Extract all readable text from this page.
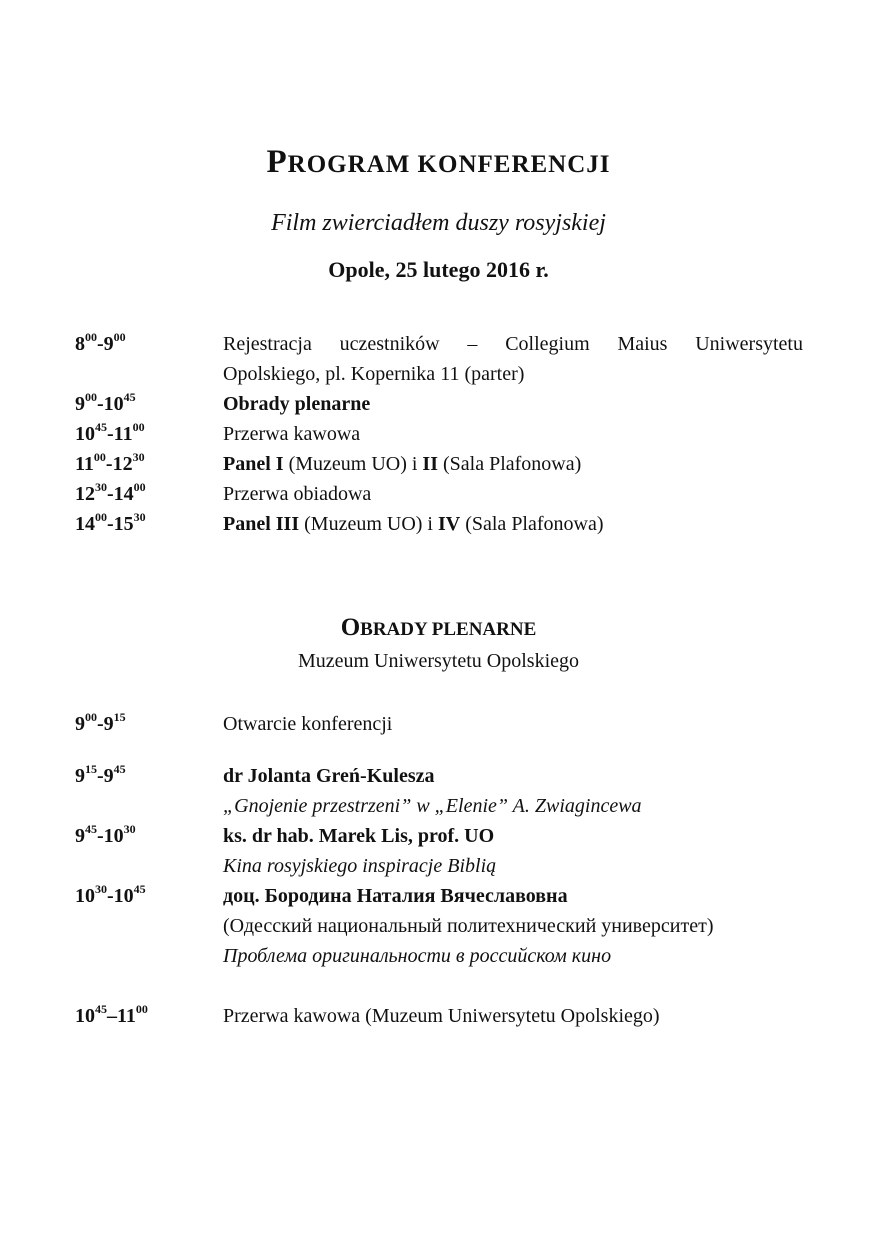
PROGRAM KONFERENCJI
Film zwierciadłem duszy rosyjskiej
Opole, 25 lutego 2016 r.
$8^{00}-9^{00}$	Rejestracja uczestników – Collegium Maius Uniwersytetu
Opolskiego, pl. Kopernika 11 (parter)
$9^{00}-10^{45}$	Obrady plenarne
$10^{45}-11^{00}$	Przerwa kawowa
$11^{00}-12^{30}$	Panel I (Muzeum UO) i II (Sala Plafonowa)
$12^{30}-14^{00}$	Przerwa obiadowa
$14^{00}-15^{30}$	Panel III (Muzeum UO) i IV (Sala Plafonowa)
OBRADY PLENARNE
Muzeum Uniwersytetu Opolskiego
$9^{00}-9^{15}$	Otwarcie konferencji
$9^{15}-9^{45}$	dr Jolanta Greń-Kulesza
„Gnojenie przestrzeni” w „Elenie” A. Zwiagincewa
$9^{45}-10^{30}$	ks. dr hab. Marek Lis, prof. UO
Kina rosyjskiego inspiracje Biblią
$10^{30}-10^{45}$	доц. Бородина Наталия Вячеславовна
(Одесский национальный политехнический университет)
Проблема оригинальности в российском кино
$10^{45}-11^{00}$	Przerwa kawowa (Muzeum Uniwersytetu Opolskiego)
